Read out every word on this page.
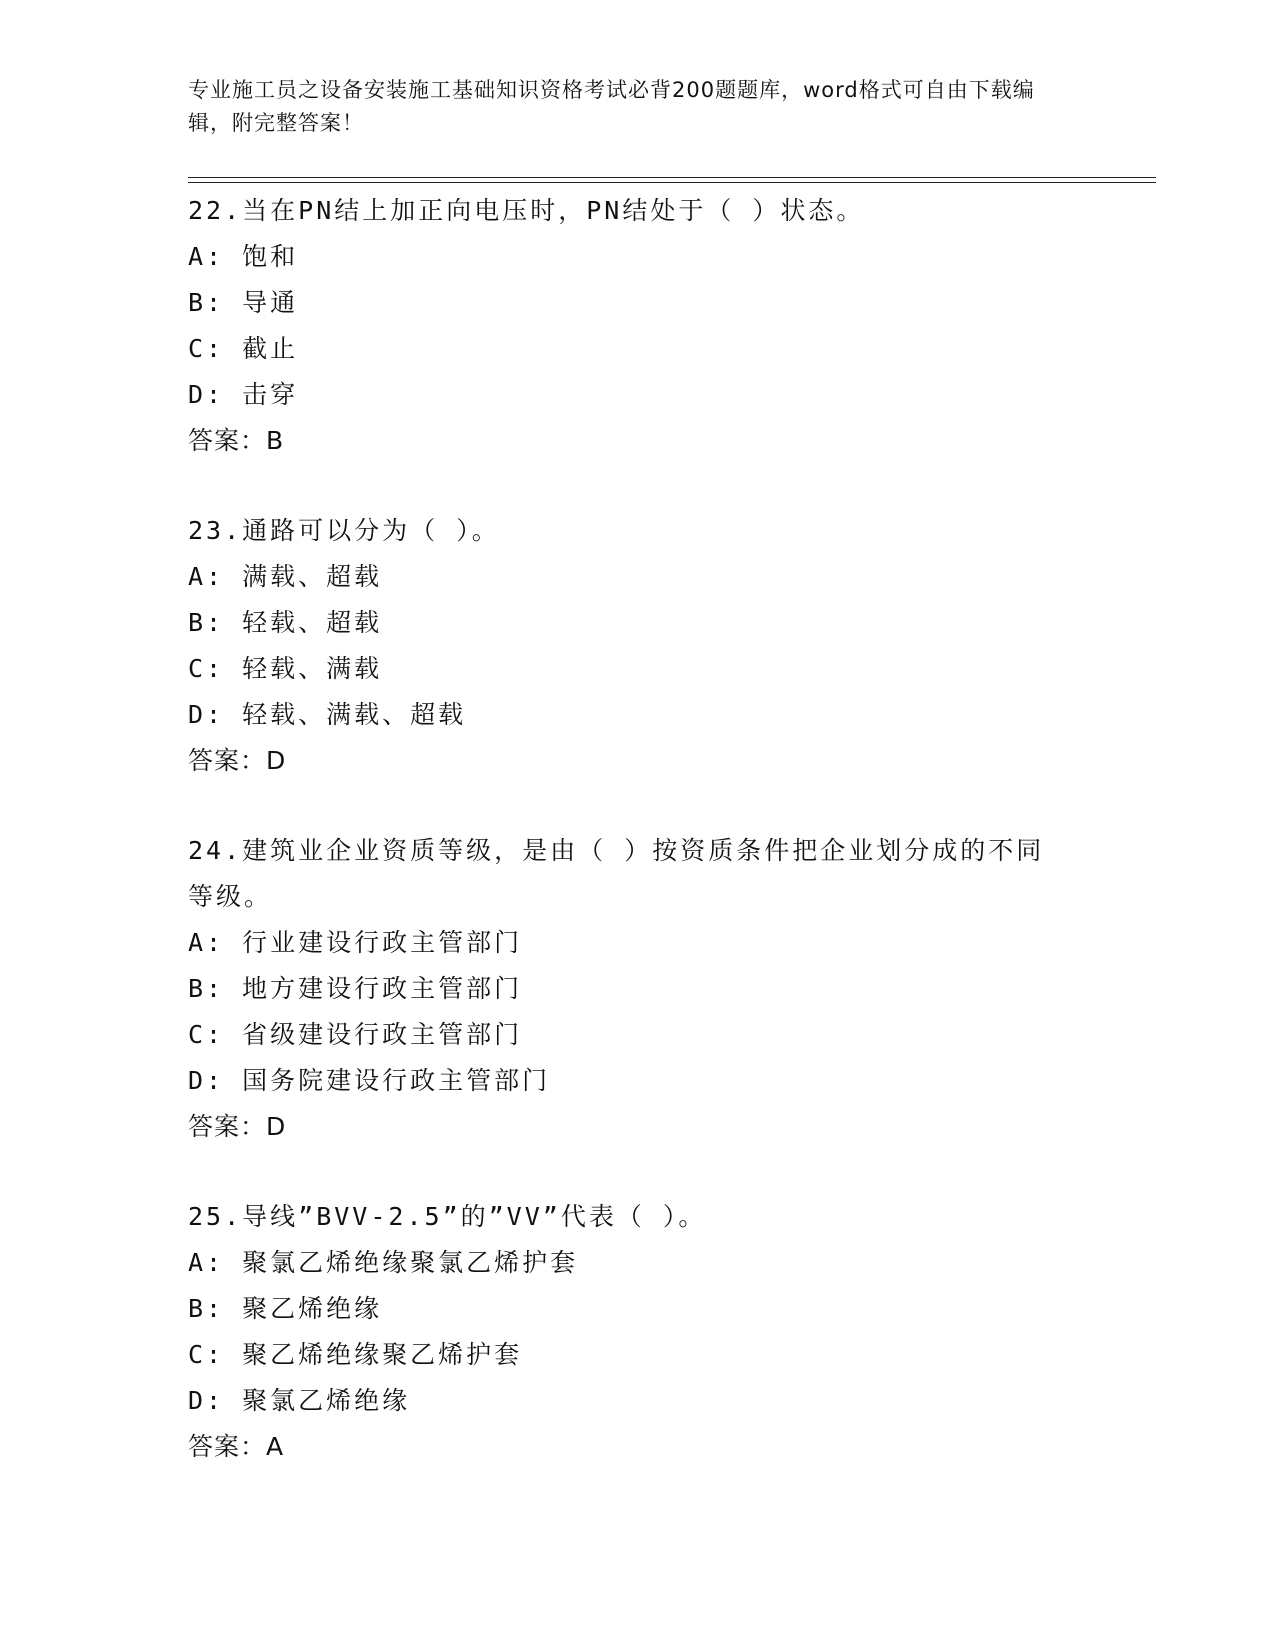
专业施工员之设备安装施工基础知识资格考试必背200题题库，word格式可自由下载编辑，附完整答案！
22.当在PN结上加正向电压时，PN结处于（ ）状态。
A: 饱和
B: 导通
C: 截止
D: 击穿
答案：B
23.通路可以分为（ ）。
A: 满载、超载
B: 轻载、超载
C: 轻载、满载
D: 轻载、满载、超载
答案：D
24.建筑业企业资质等级，是由（ ）按资质条件把企业划分成的不同等级。
A: 行业建设行政主管部门
B: 地方建设行政主管部门
C: 省级建设行政主管部门
D: 国务院建设行政主管部门
答案：D
25.导线”BVV-2.5”的”VV”代表（ ）。
A: 聚氯乙烯绝缘聚氯乙烯护套
B: 聚乙烯绝缘
C: 聚乙烯绝缘聚乙烯护套
D: 聚氯乙烯绝缘
答案：A
